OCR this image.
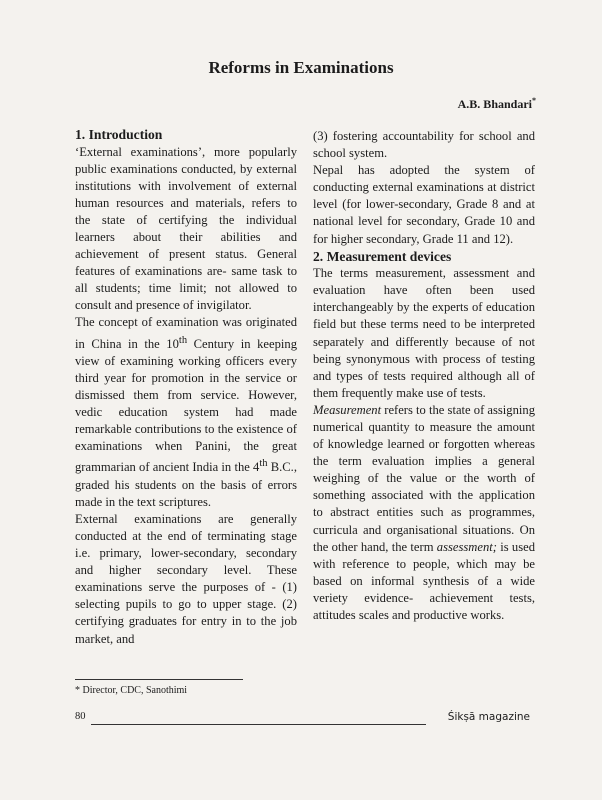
Reforms in Examinations
A.B. Bhandari*
1. Introduction

‘External examinations’, more popularly public examinations conducted, by external institutions with involvement of external human resources and materials, refers to the state of certifying the individual learners about their abilities and achievement of present status. General features of examinations are- same task to all students; time limit; not allowed to consult and presence of invigilator.

The concept of examination was originated in China in the 10th Century in keeping view of examining working officers every third year for promotion in the service or dismissed them from service. However, vedic education system had made remarkable contributions to the existence of examinations when Panini, the great grammarian of ancient India in the 4th B.C., graded his students on the basis of errors made in the text scriptures.

External examinations are generally conducted at the end of terminating stage i.e. primary, lower-secondary, secondary and higher secondary level. These examinations serve the purposes of - (1) selecting pupils to go to upper stage. (2) certifying graduates for entry in to the job market, and

(3) fostering accountability for school and school system.

Nepal has adopted the system of conducting external examinations at district level (for lower-secondary, Grade 8 and at national level for secondary, Grade 10 and for higher secondary, Grade 11 and 12).

2. Measurement devices

The terms measurement, assessment and evaluation have often been used interchangeably by the experts of education field but these terms need to be interpreted separately and differently because of not being synonymous with process of testing and types of tests required although all of them frequently make use of tests.

Measurement refers to the state of assigning numerical quantity to measure the amount of knowledge learned or forgotten whereas the term evaluation implies a general weighing of the value or the worth of something associated with the application to abstract entities such as programmes, curricula and organisational situations. On the other hand, the term assessment; is used with reference to people, which may be based on informal synthesis of a wide veriety evidence- achievement tests, attitudes scales and productive works.

* Director, CDC, Sanothimi
80	Śikṣā magazine
